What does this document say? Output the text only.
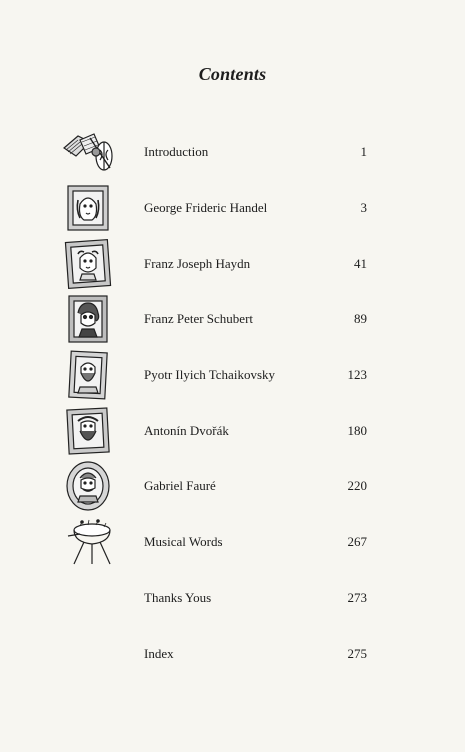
Contents
Introduction	1
George Frideric Handel	3
Franz Joseph Haydn	41
Franz Peter Schubert	89
Pyotr Ilyich Tchaikovsky	123
Antonín Dvořák	180
Gabriel Fauré	220
Musical Words	267
Thanks Yous	273
Index	275
